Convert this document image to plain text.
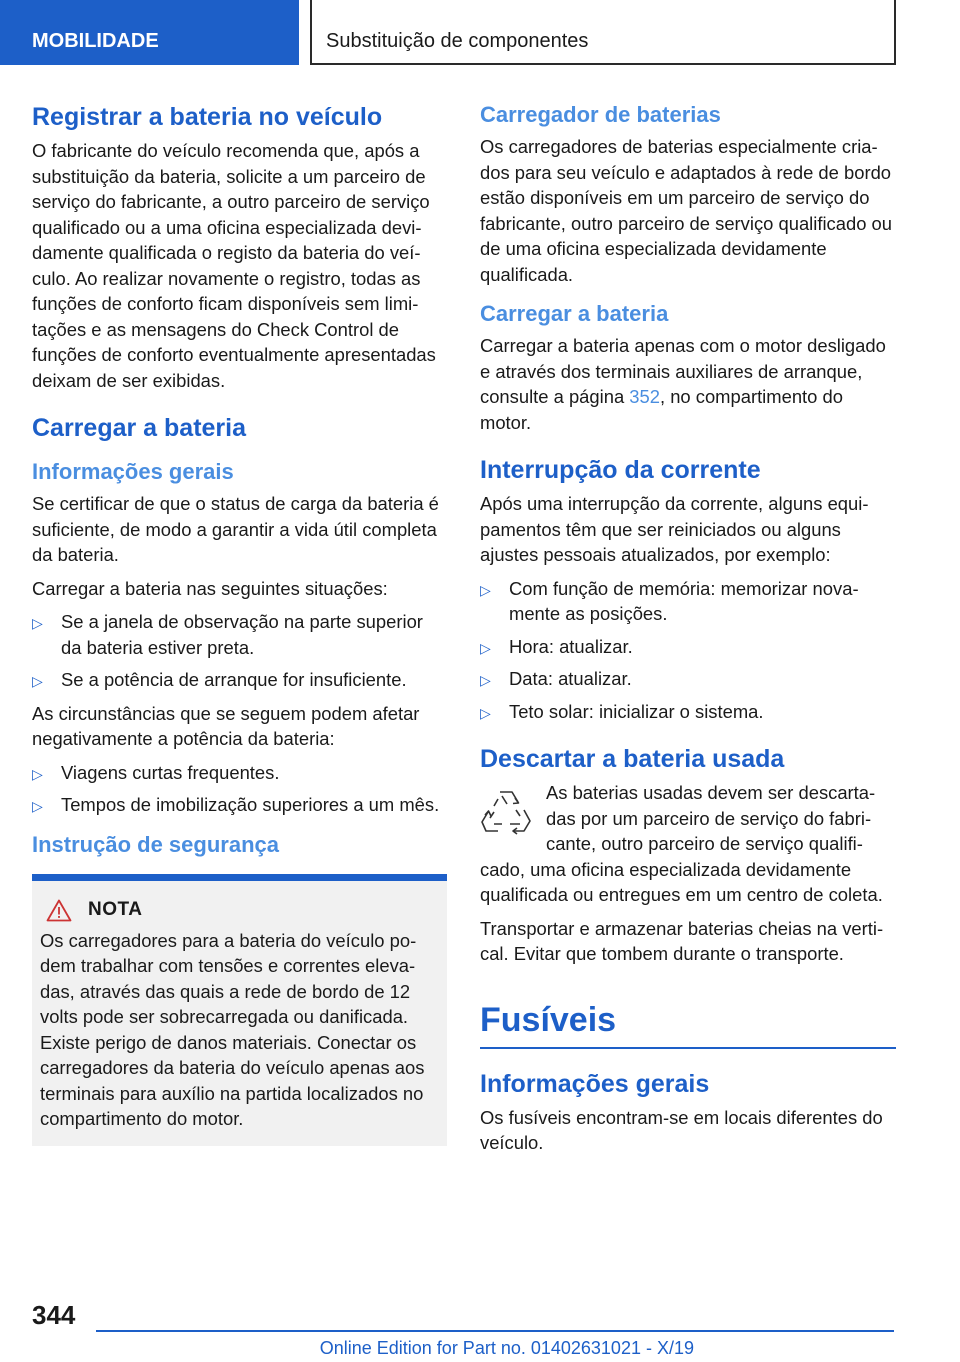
MOBILIDADE	Substituição de componentes
Registrar a bateria no veículo

O fabricante do veículo recomenda que, após a substituição da bateria, solicite a um parceiro de serviço do fabricante, a outro parceiro de serviço qualificado ou a uma oficina especializada devidamente qualificada o registo da bateria do veículo. Ao realizar novamente o registro, todas as funções de conforto ficam disponíveis sem limitações e as mensagens do Check Control de funções de conforto eventualmente apresentadas deixam de ser exibidas.

Carregar a bateria
Informações gerais

Se certificar de que o status de carga da bateria é suficiente, de modo a garantir a vida útil completa da bateria.

Carregar a bateria nas seguintes situações:

▷ Se a janela de observação na parte superior da bateria estiver preta.
▷ Se a potência de arranque for insuficiente.

As circunstâncias que se seguem podem afetar negativamente a potência da bateria:

▷ Viagens curtas frequentes.
▷ Tempos de imobilização superiores a um mês.
Instrução de segurança
NOTA

Os carregadores para a bateria do veículo podem trabalhar com tensões e correntes elevadas, através das quais a rede de bordo de 12 volts pode ser sobrecarregada ou danificada. Existe perigo de danos materiais. Conectar os carregadores da bateria do veículo apenas aos terminais para auxílio na partida localizados no compartimento do motor.

Carregador de baterias

Os carregadores de baterias especialmente criados para seu veículo e adaptados à rede de bordo estão disponíveis em um parceiro de serviço do fabricante, outro parceiro de serviço qualificado ou de uma oficina especializada devidamente qualificada.

Carregar a bateria

Carregar a bateria apenas com o motor desligado e através dos terminais auxiliares de arranque, consulte a página 352, no compartimento do motor.

Interrupção da corrente

Após uma interrupção da corrente, alguns equipamentos têm que ser reiniciados ou alguns ajustes pessoais atualizados, por exemplo:

▷ Com função de memória: memorizar novamente as posições.
▷ Hora: atualizar.
▷ Data: atualizar.
▷ Teto solar: inicializar o sistema.
Descartar a bateria usada

As baterias usadas devem ser descartadas por um parceiro de serviço do fabricante, outro parceiro de serviço qualificado, uma oficina especializada devidamente qualificada ou entregues em um centro de coleta.

Transportar e armazenar baterias cheias na vertical. Evitar que tombem durante o transporte.

Fusíveis
Informações gerais

Os fusíveis encontram-se em locais diferentes do veículo.

344
Online Edition for Part no. 01402631021 - X/19
